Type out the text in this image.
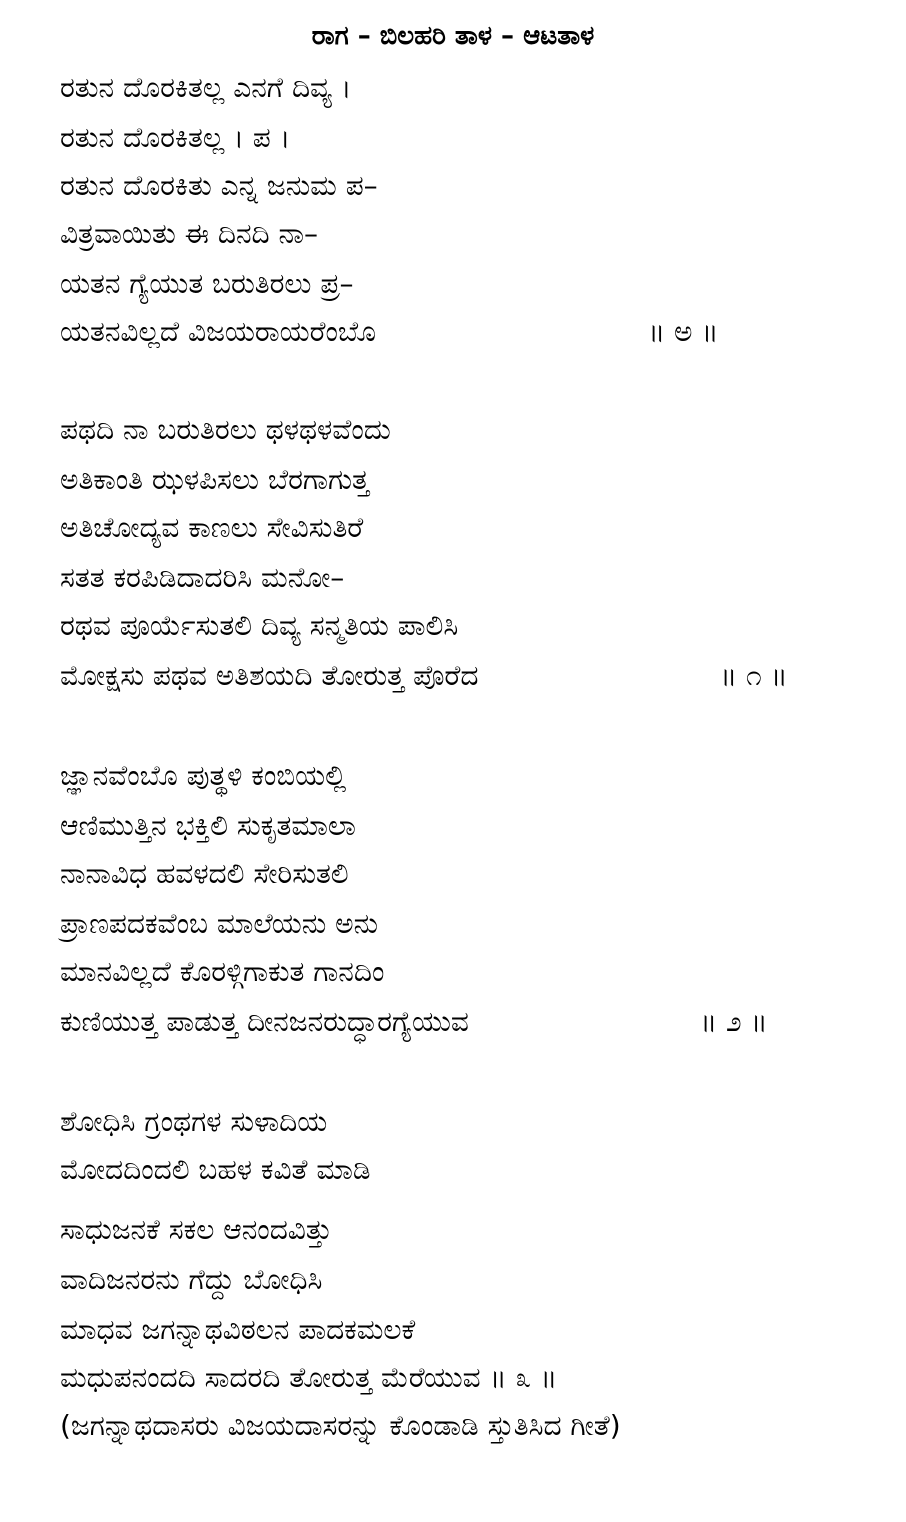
ರಾಗ – ಬಿಲಹರಿ ತಾಳ – ಆಟತಾಳ
ರತುನ ದೊರಕಿತಲ್ಲ ಎನಗೆ ದಿವ್ಯ ।
ರತುನ ದೊರಕಿತಲ್ಲ । ಪ ।
ರತುನ ದೊರಕಿತು ಎನ್ನ ಜನುಮ ಪ–
ವಿತ್ರವಾಯಿತು ಈ ದಿನದಿ ನಾ–
ಯತನ ಗ್ಯೆಯುತ ಬರುತಿರಲು ಪ್ರ–
ಯತನವಿಲ್ಲದೆ ವಿಜಯರಾಯರೆಂಬೊ	॥ ಅ ॥
ಪಥದಿ ನಾ ಬರುತಿರಲು ಥಳಥಳವೆಂದು
ಅತಿಕಾಂತಿ ಝಳಪಿಸಲು ಬೆರಗಾಗುತ್ತ
ಅತಿಚೋದ್ಯವ ಕಾಣಲು ಸೇವಿಸುತಿರೆ
ಸತತ ಕರಪಿಡಿದಾದರಿಸಿ ಮನೋ–
ರಥವ ಪೂರ್ಯೆಸುತಲಿ ದಿವ್ಯ ಸನ್ಮತಿಯ ಪಾಲಿಸಿ
ಮೋಕ್ಷಸು ಪಥವ ಅತಿಶಯದಿ ತೋರುತ್ತ ಪೊರೆದ	॥ ೧ ॥
ಜ್ಞಾನವೆಂಬೊ ಪುತ್ಥಳಿ ಕಂಬಿಯಲ್ಲಿ
ಆಣಿಮುತ್ತಿನ ಭಕ್ತಿಲಿ ಸುಕೃತಮಾಲಾ
ನಾನಾವಿಧ ಹವಳದಲಿ ಸೇರಿಸುತಲಿ
ಪ್ರಾಣಪದಕವೆಂಬ ಮಾಲೆಯನು ಅನು
ಮಾನವಿಲ್ಲದೆ ಕೊರಳ್ಗಿಗಾಕುತ ಗಾನದಿಂ
ಕುಣಿಯುತ್ತ ಪಾಡುತ್ತ ದೀನಜನರುದ್ಧಾರಗ್ಯೆಯುವ	॥ ೨ ॥
ಶೋಧಿಸಿ ಗ್ರಂಥಗಳ ಸುಳಾದಿಯ
ಮೋದದಿಂದಲಿ ಬಹಳ ಕವಿತೆ ಮಾಡಿ
ಸಾಧುಜನಕೆ ಸಕಲ ಆನಂದವಿತ್ತು
ವಾದಿಜನರನು ಗೆದ್ದು ಬೋಧಿಸಿ
ಮಾಧವ ಜಗನ್ನಾಥವಿಠಲನ ಪಾದಕಮಲಕೆ
ಮಧುಪನಂದದಿ ಸಾದರದಿ ತೋರುತ್ತ ಮೆರೆಯುವ ॥ ೩ ॥
(ಜಗನ್ನಾಥದಾಸರು ವಿಜಯದಾಸರನ್ನು ಕೊಂಡಾಡಿ ಸ್ತುತಿಸಿದ ಗೀತೆ)
